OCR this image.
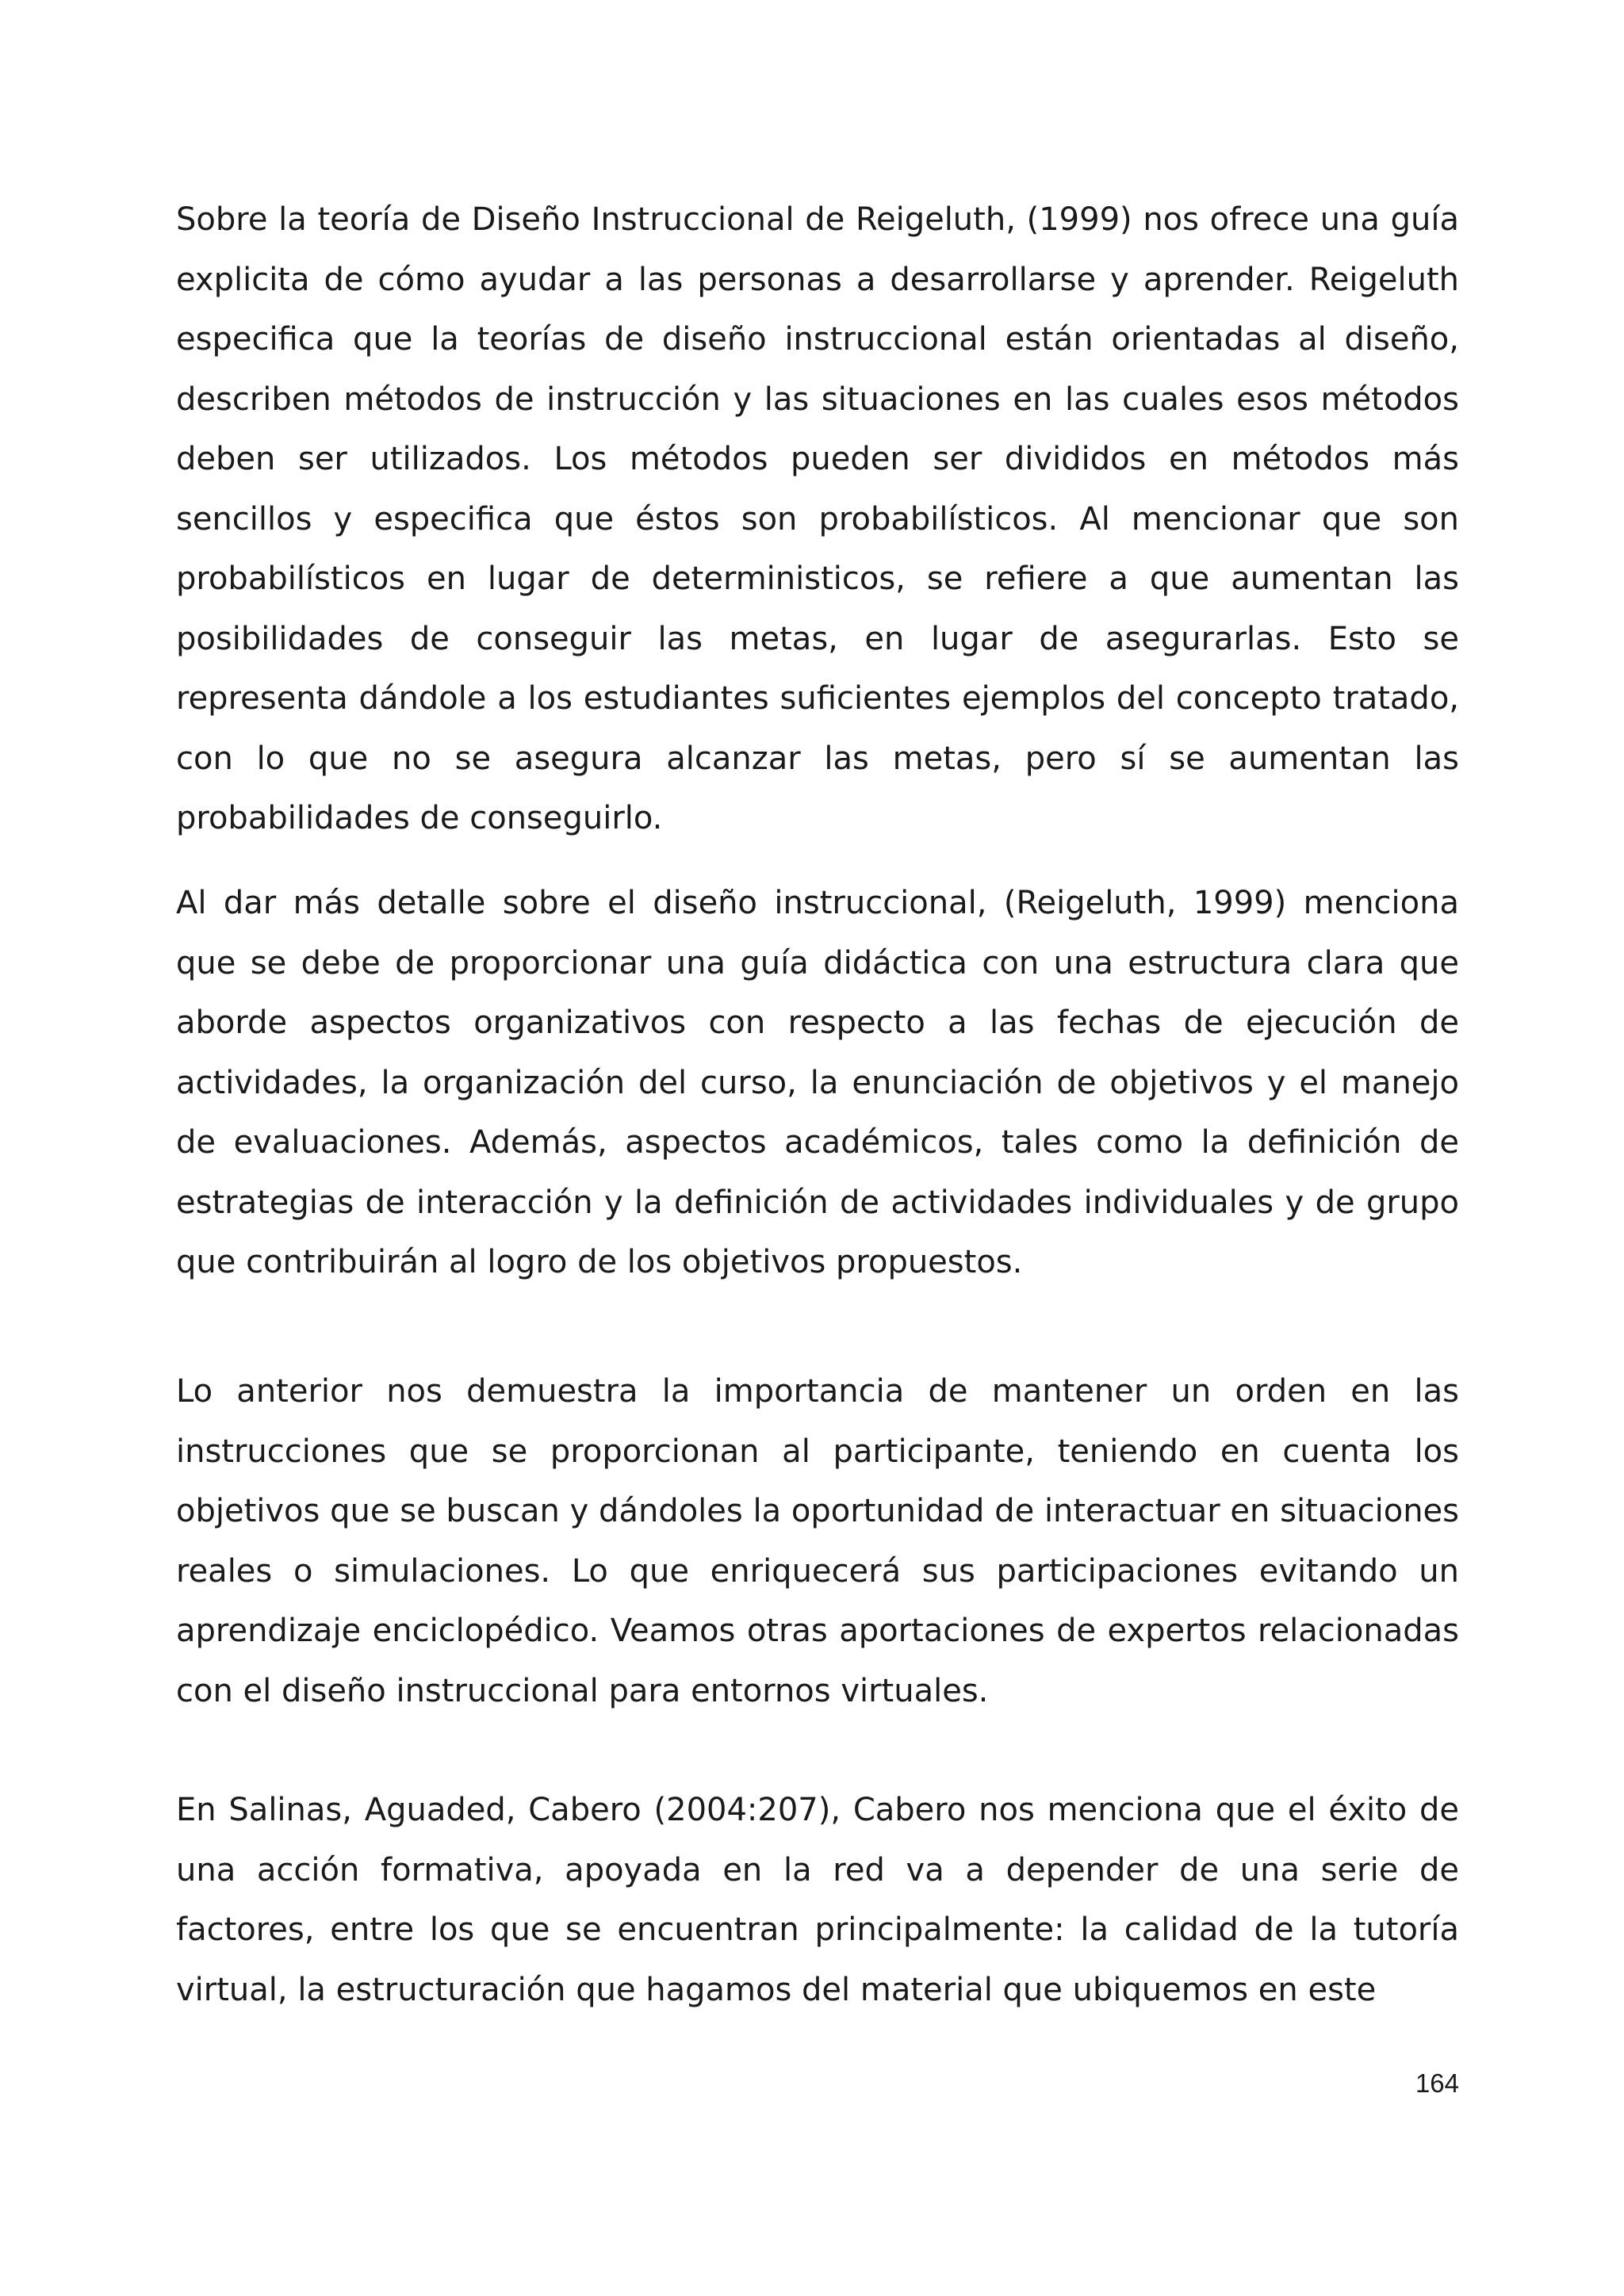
Sobre la teoría de Diseño Instruccional de Reigeluth, (1999) nos ofrece una guía explicita de cómo ayudar a las personas a desarrollarse y aprender. Reigeluth especifica que la teorías de diseño instruccional están orientadas al diseño, describen métodos de instrucción y las situaciones en las cuales esos métodos deben ser utilizados. Los métodos pueden ser divididos en métodos más sencillos y especifica que éstos son probabilísticos. Al mencionar que son probabilísticos en lugar de deterministicos, se refiere a que aumentan las posibilidades de conseguir las metas, en lugar de asegurarlas. Esto se representa dándole a los estudiantes suficientes ejemplos del concepto tratado, con lo que no se asegura alcanzar las metas, pero sí se aumentan las probabilidades de conseguirlo.

Al dar más detalle sobre el diseño instruccional, (Reigeluth, 1999) menciona que se debe de proporcionar una guía didáctica con una estructura clara que aborde aspectos organizativos con respecto a las fechas de ejecución de actividades, la organización del curso, la enunciación de objetivos y el manejo de evaluaciones. Además, aspectos académicos, tales como la definición de estrategias de interacción y la definición de actividades individuales y de grupo que contribuirán al logro de los objetivos propuestos.

Lo anterior nos demuestra la importancia de mantener un orden en las instrucciones que se proporcionan al participante, teniendo en cuenta los objetivos que se buscan y dándoles la oportunidad de interactuar en situaciones reales o simulaciones. Lo que enriquecerá sus participaciones evitando un aprendizaje enciclopédico. Veamos otras aportaciones de expertos relacionadas con el diseño instruccional para entornos virtuales.

En Salinas, Aguaded, Cabero (2004:207), Cabero nos menciona que el éxito de una acción formativa, apoyada en la red va a depender de una serie de factores, entre los que se encuentran principalmente: la calidad de la tutoría virtual, la estructuración que hagamos del material que ubiquemos en este

164
